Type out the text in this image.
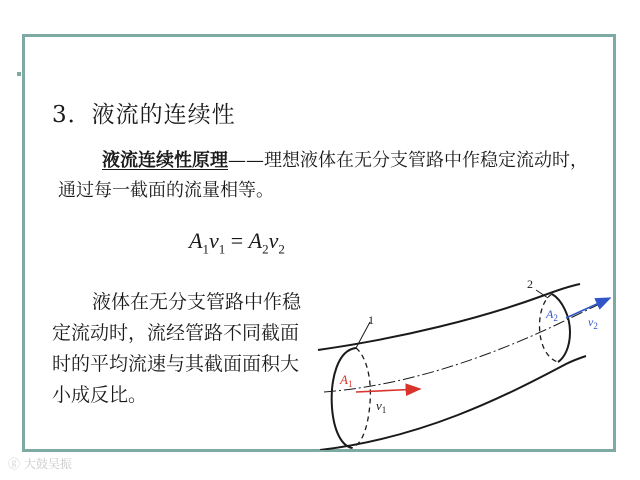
3．液流的连续性
液流连续性原理——理想液体在无分支管路中作稳定流动时，通过每一截面的流量相等。
$A_1v_1 = A_2v_2$
液体在无分支管路中作稳定流动时，流经管路不同截面时的平均流速与其截面面积大小成反比。
1
2
$A_1$
$v_1$
$A_2$	$v_2$
ⓖ 大鼓吴振
